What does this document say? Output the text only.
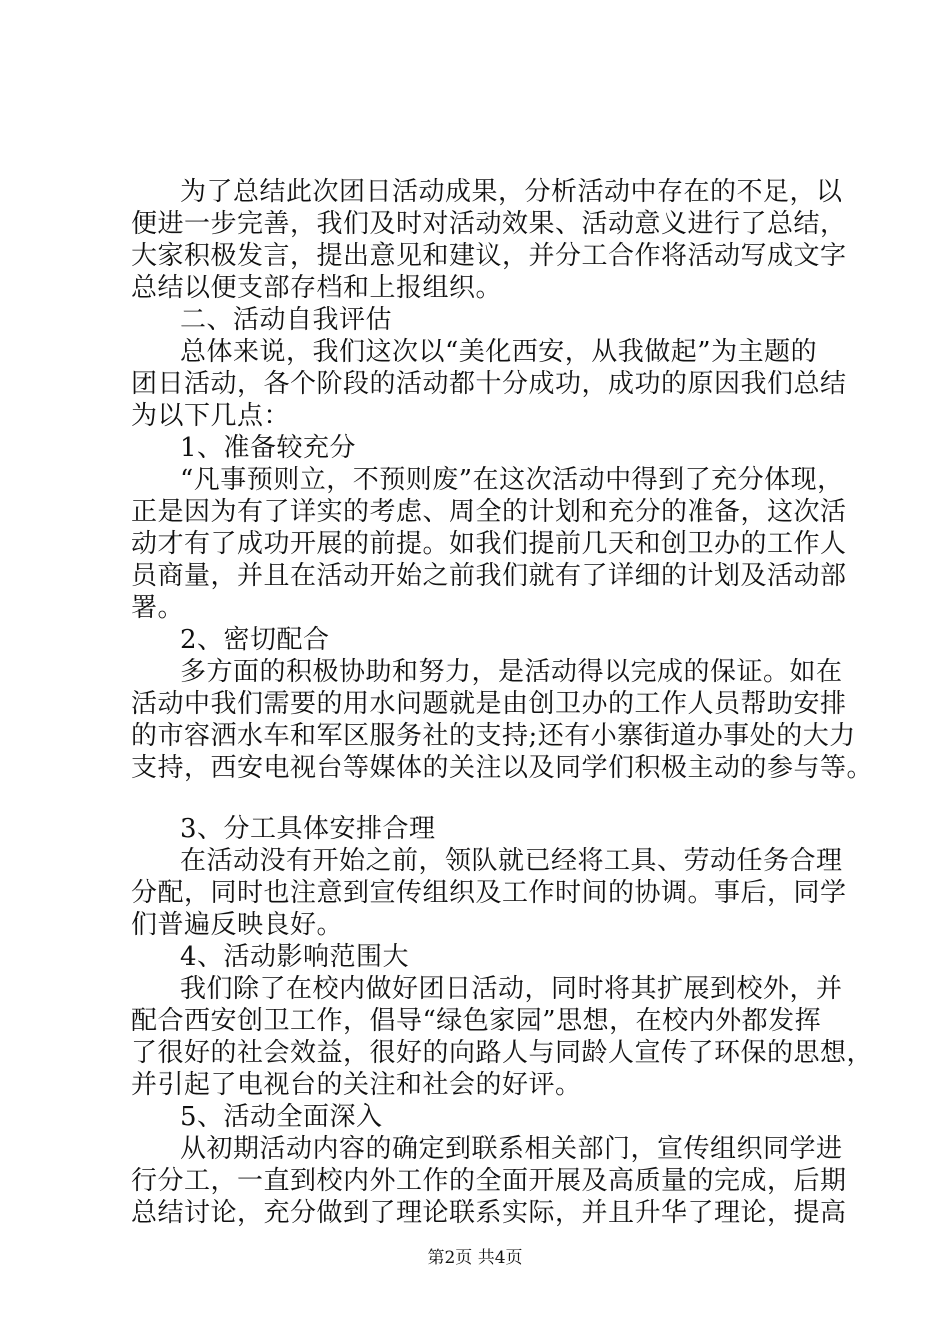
为了总结此次团日活动成果，分析活动中存在的不足，以
便进一步完善，我们及时对活动效果、活动意义进行了总结，
大家积极发言，提出意见和建议，并分工合作将活动写成文字
总结以便支部存档和上报组织。
二、活动自我评估
总体来说，我们这次以“美化西安，从我做起”为主题的
团日活动，各个阶段的活动都十分成功，成功的原因我们总结
为以下几点：
1、准备较充分
“凡事预则立，不预则废”在这次活动中得到了充分体现，
正是因为有了详实的考虑、周全的计划和充分的准备，这次活
动才有了成功开展的前提。如我们提前几天和创卫办的工作人
员商量，并且在活动开始之前我们就有了详细的计划及活动部
署。
2、密切配合
多方面的积极协助和努力，是活动得以完成的保证。如在
活动中我们需要的用水问题就是由创卫办的工作人员帮助安排
的市容洒水车和军区服务社的支持;还有小寨街道办事处的大力
支持，西安电视台等媒体的关注以及同学们积极主动的参与等。
3、分工具体安排合理
在活动没有开始之前，领队就已经将工具、劳动任务合理
分配，同时也注意到宣传组织及工作时间的协调。事后，同学
们普遍反映良好。
4、活动影响范围大
我们除了在校内做好团日活动，同时将其扩展到校外，并
配合西安创卫工作，倡导“绿色家园”思想，在校内外都发挥
了很好的社会效益，很好的向路人与同龄人宣传了环保的思想，
并引起了电视台的关注和社会的好评。
5、活动全面深入
从初期活动内容的确定到联系相关部门，宣传组织同学进
行分工，一直到校内外工作的全面开展及高质量的完成，后期
总结讨论，充分做到了理论联系实际，并且升华了理论，提高
第2页 共4页
